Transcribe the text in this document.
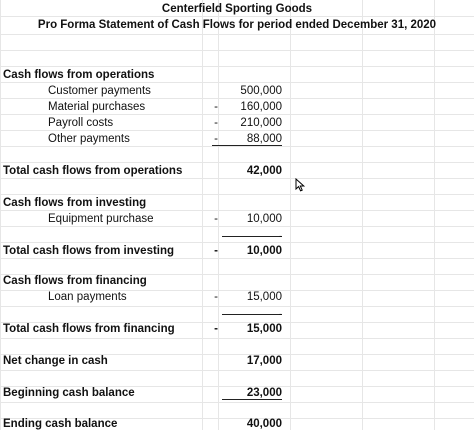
Centerfield Sporting Goods
Pro Forma Statement of Cash Flows for period ended December 31, 2020
Cash flows from operations
Customer payments	500,000
Material purchases	-	160,000
Payroll costs	-	210,000
Other payments	-	88,000
Total cash flows from operations	42,000
Cash flows from investing
Equipment purchase	-	10,000
-
Total cash flows from investing	-	10,000
Cash flows from financing
Loan payments	-	15,000
-
Total cash flows from financing	-	15,000
Net change in cash	17,000
Beginning cash balance	23,000
Ending cash balance	40,000
